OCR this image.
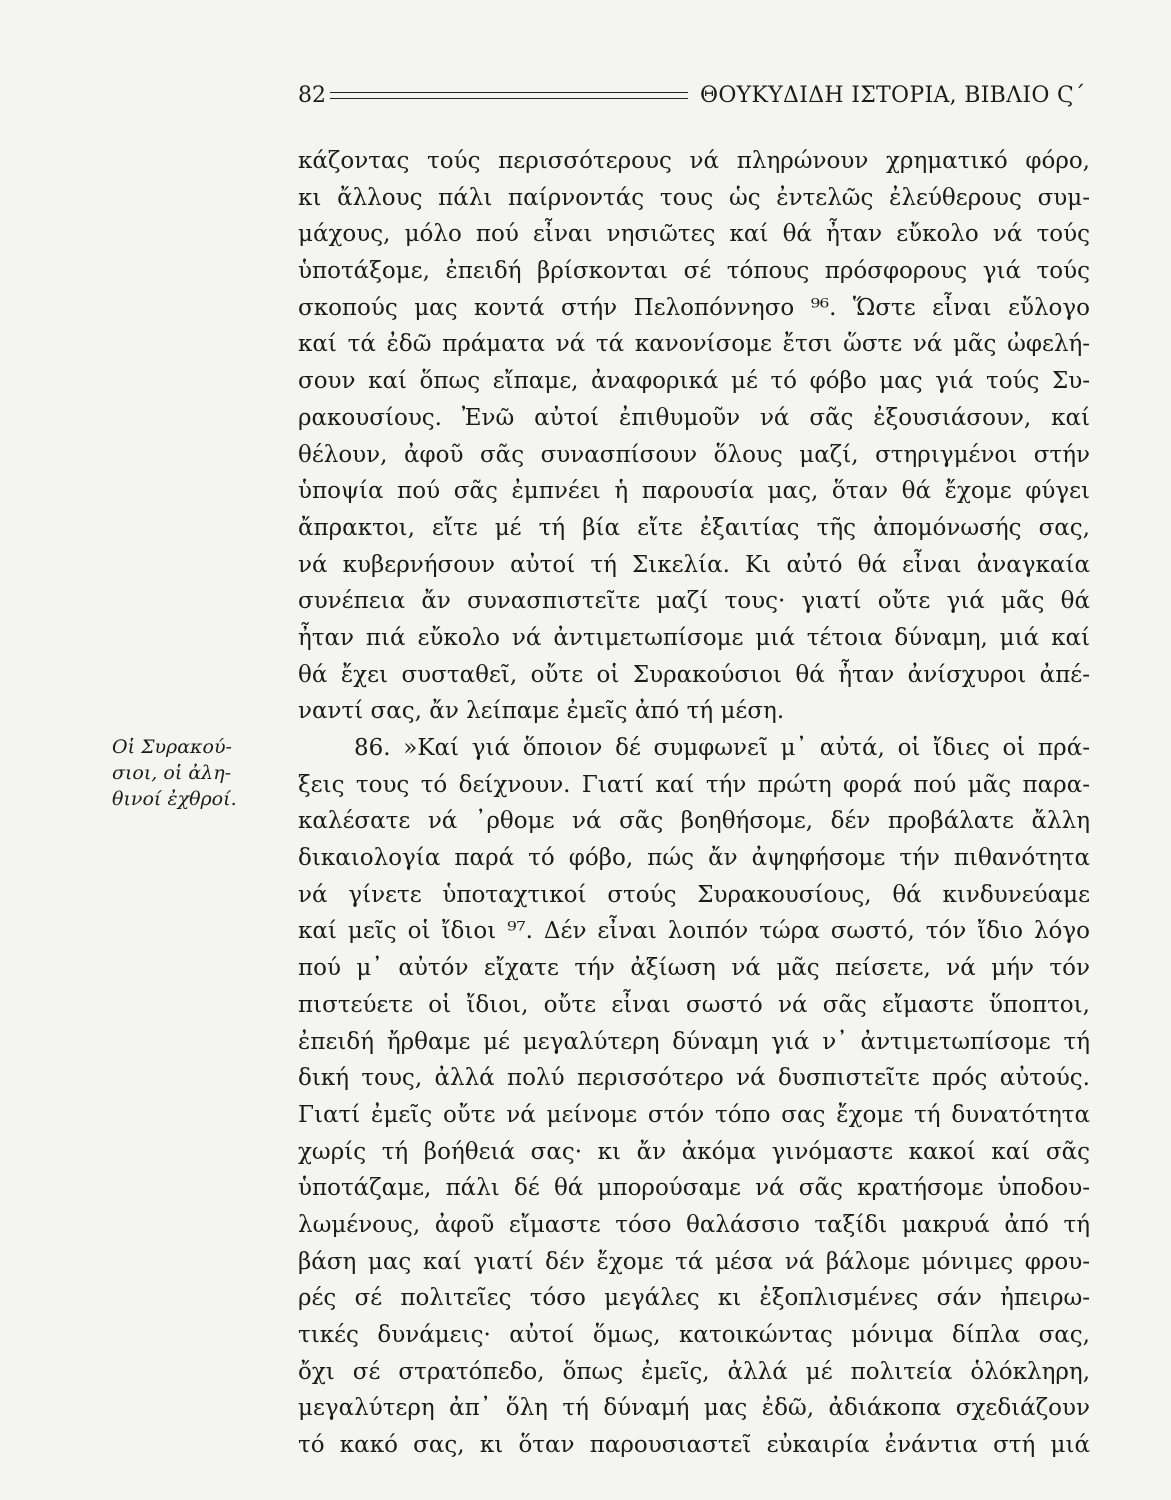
82	ΘΟΥΚΥΔΙΔΗ ΙΣΤΟΡΙΑ, ΒΙΒΛΙΟ Ϛ΄
Οἱ Συρακού-
σιοι, οἱ ἀλη-
θινοί ἐχθροί.
κάζοντας τούς περισσότερους νά πληρώνουν χρηματικό φόρο,
κι ἄλλους πάλι παίρνοντάς τους ὡς ἐντελῶς ἐλεύθερους συμ-
μάχους, μόλο πού εἶναι νησιῶτες καί θά ἦταν εὔκολο νά τούς
ὑποτάξομε, ἐπειδή βρίσκονται σέ τόπους πρόσφορους γιά τούς
σκοπούς μας κοντά στήν Πελοπόννησο ⁹⁶. Ὥστε εἶναι εὔλογο
καί τά ἐδῶ πράματα νά τά κανονίσομε ἔτσι ὥστε νά μᾶς ὠφελή-
σουν καί ὅπως εἴπαμε, ἀναφορικά μέ τό φόβο μας γιά τούς Συ-
ρακουσίους. Ἐνῶ αὐτοί ἐπιθυμοῦν νά σᾶς ἐξουσιάσουν, καί
θέλουν, ἀφοῦ σᾶς συνασπίσουν ὅλους μαζί, στηριγμένοι στήν
ὑποψία πού σᾶς ἐμπνέει ἡ παρουσία μας, ὅταν θά ἔχομε φύγει
ἄπρακτοι, εἴτε μέ τή βία εἴτε ἐξαιτίας τῆς ἀπομόνωσής σας,
νά κυβερνήσουν αὐτοί τή Σικελία. Κι αὐτό θά εἶναι ἀναγκαία
συνέπεια ἄν συνασπιστεῖτε μαζί τους· γιατί οὔτε γιά μᾶς θά
ἦταν πιά εὔκολο νά ἀντιμετωπίσομε μιά τέτοια δύναμη, μιά καί
θά ἔχει συσταθεῖ, οὔτε οἱ Συρακούσιοι θά ἦταν ἀνίσχυροι ἀπέ-
ναντί σας, ἄν λείπαμε ἐμεῖς ἀπό τή μέση.
86. »Καί γιά ὅποιον δέ συμφωνεῖ μ᾽ αὐτά, οἱ ἴδιες οἱ πρά-
ξεις τους τό δείχνουν. Γιατί καί τήν πρώτη φορά πού μᾶς παρα-
καλέσατε νά ᾽ρθομε νά σᾶς βοηθήσομε, δέν προβάλατε ἄλλη
δικαιολογία παρά τό φόβο, πώς ἄν ἀψηφήσομε τήν πιθανότητα
νά γίνετε ὑποταχτικοί στούς Συρακουσίους, θά κινδυνεύαμε
καί μεῖς οἱ ἴδιοι ⁹⁷. Δέν εἶναι λοιπόν τώρα σωστό, τόν ἴδιο λόγο
πού μ᾽ αὐτόν εἴχατε τήν ἀξίωση νά μᾶς πείσετε, νά μήν τόν
πιστεύετε οἱ ἴδιοι, οὔτε εἶναι σωστό νά σᾶς εἴμαστε ὕποπτοι,
ἐπειδή ἤρθαμε μέ μεγαλύτερη δύναμη γιά ν᾽ ἀντιμετωπίσομε τή
δική τους, ἀλλά πολύ περισσότερο νά δυσπιστεῖτε πρός αὐτούς.
Γιατί ἐμεῖς οὔτε νά μείνομε στόν τόπο σας ἔχομε τή δυνατότητα
χωρίς τή βοήθειά σας· κι ἄν ἀκόμα γινόμαστε κακοί καί σᾶς
ὑποτάζαμε, πάλι δέ θά μπορούσαμε νά σᾶς κρατήσομε ὑποδου-
λωμένους, ἀφοῦ εἴμαστε τόσο θαλάσσιο ταξίδι μακρυά ἀπό τή
βάση μας καί γιατί δέν ἔχομε τά μέσα νά βάλομε μόνιμες φρου-
ρές σέ πολιτεῖες τόσο μεγάλες κι ἐξοπλισμένες σάν ἠπειρω-
τικές δυνάμεις· αὐτοί ὅμως, κατοικώντας μόνιμα δίπλα σας,
ὄχι σέ στρατόπεδο, ὅπως ἐμεῖς, ἀλλά μέ πολιτεία ὁλόκληρη,
μεγαλύτερη ἀπ᾽ ὅλη τή δύναμή μας ἐδῶ, ἀδιάκοπα σχεδιάζουν
τό κακό σας, κι ὅταν παρουσιαστεῖ εὐκαιρία ἐνάντια στή μιά
